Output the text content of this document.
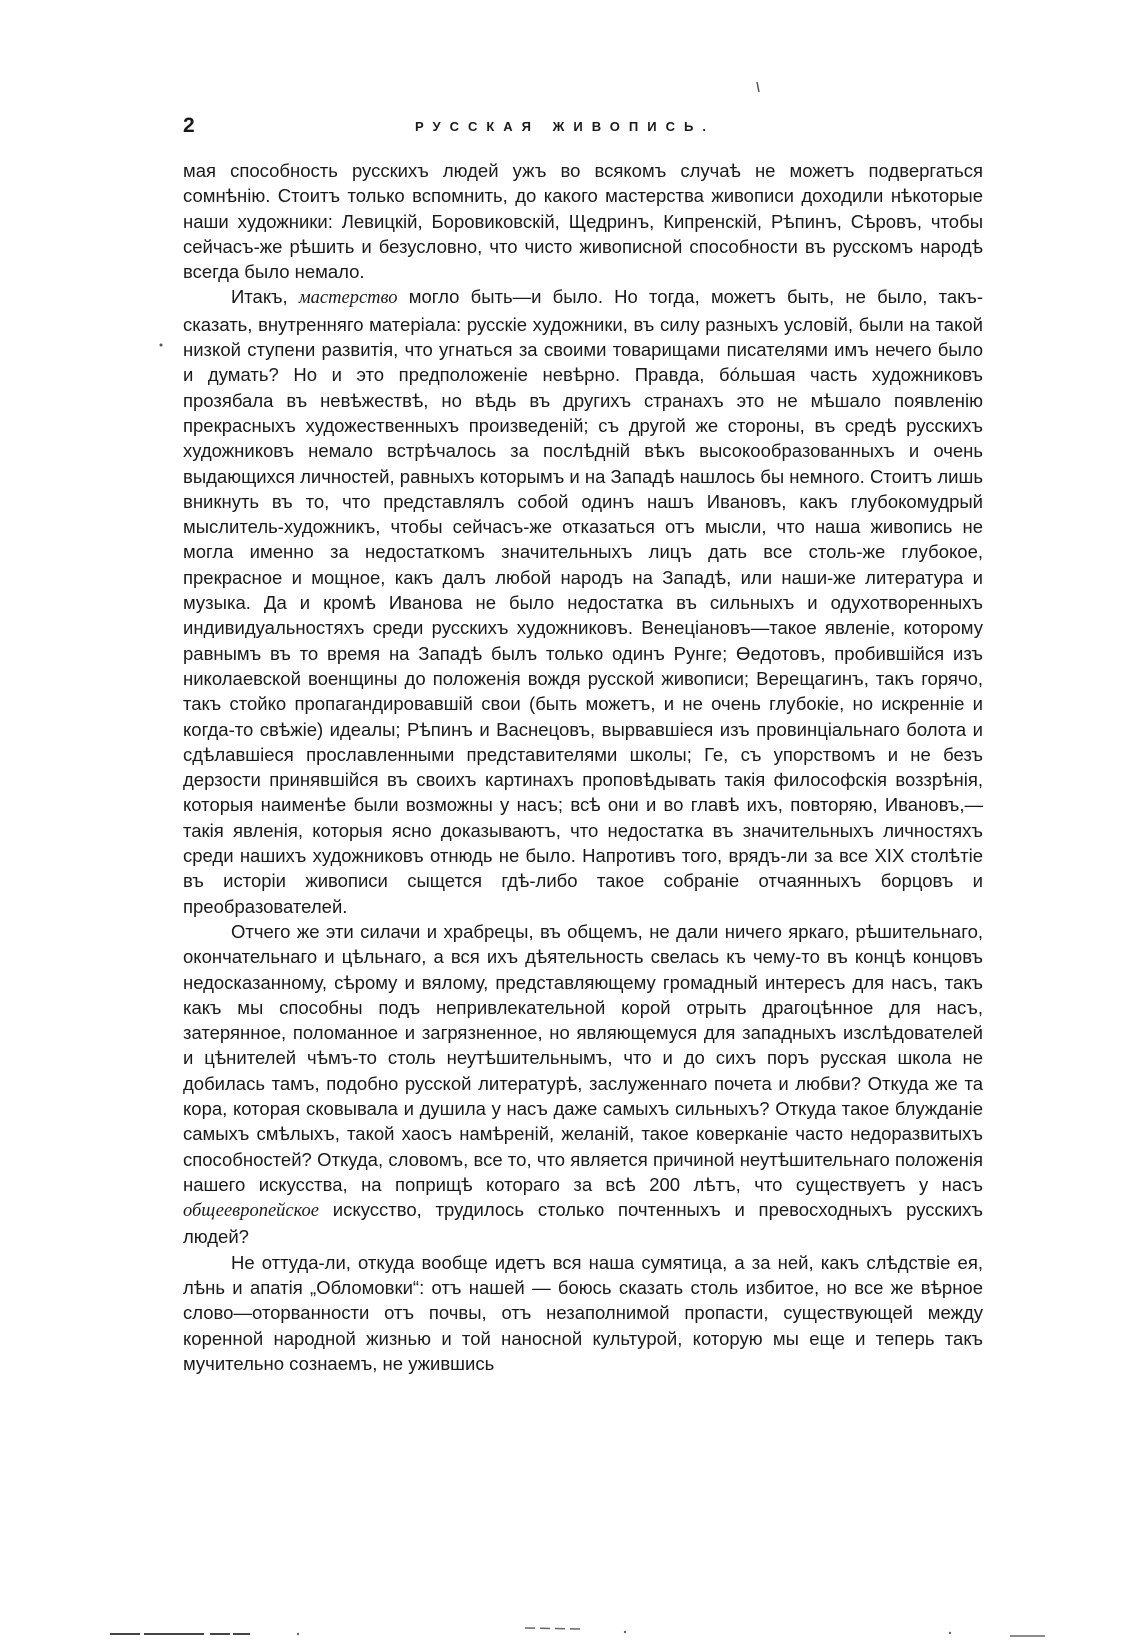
2	РУССКАЯ ЖИВОПИСЬ.

мая способность русскихъ людей ужъ во всякомъ случаѣ не можетъ подвергаться сомнѣнію. Стоитъ только вспомнить, до какого мастерства живописи доходили нѣкоторые наши художники: Левицкій, Боровиковскій, Щедринъ, Кипренскій, Рѣпинъ, Сѣровъ, чтобы сейчасъ-же рѣшить и безусловно, что чисто живописной способности въ русскомъ народѣ всегда было немало.

Итакъ, мастерство могло быть—и было. Но тогда, можетъ быть, не было, такъ-сказать, внутренняго матеріала: русскіе художники, въ силу разныхъ условій, были на такой низкой ступени развитія, что угнаться за своими товарищами писателями имъ нечего было и думать? Но и это предположеніе невѣрно. Правда, бо́льшая часть художниковъ прозябала въ невѣжествѣ, но вѣдь въ другихъ странахъ это не мѣшало появленію прекрасныхъ художественныхъ произведеній; съ другой же стороны, въ средѣ русскихъ художниковъ немало встрѣчалось за послѣдній вѣкъ высокообразованныхъ и очень выдающихся личностей, равныхъ которымъ и на Западѣ нашлось бы немного. Стоитъ лишь вникнуть въ то, что представлялъ собой одинъ нашъ Ивановъ, какъ глубокомудрый мыслитель-художникъ, чтобы сейчасъ-же отказаться отъ мысли, что наша живопись не могла именно за недостаткомъ значительныхъ лицъ дать все столь-же глубокое, прекрасное и мощное, какъ далъ любой народъ на Западѣ, или наши-же литература и музыка. Да и кромѣ Иванова не было недостатка въ сильныхъ и одухотворенныхъ индивидуальностяхъ среди русскихъ художниковъ. Венеціановъ—такое явленіе, которому равнымъ въ то время на Западѣ былъ только одинъ Рунге; Өедотовъ, пробившійся изъ николаевской военщины до положенія вождя русской живописи; Верещагинъ, такъ горячо, такъ стойко пропагандировавшій свои (быть можетъ, и не очень глубокіе, но искренніе и когда-то свѣжіе) идеалы; Рѣпинъ и Васнецовъ, вырвавшіеся изъ провинціальнаго болота и сдѣлавшіеся прославленными представителями школы; Ге, съ упорствомъ и не безъ дерзости принявшійся въ своихъ картинахъ проповѣдывать такія философскія воззрѣнія, которыя наименѣе были возможны у насъ; всѣ они и во главѣ ихъ, повторяю, Ивановъ,—такія явленія, которыя ясно доказываютъ, что недостатка въ значительныхъ личностяхъ среди нашихъ художниковъ отнюдь не было. Напротивъ того, врядъ-ли за все XIX столѣтіе въ исторіи живописи сыщется гдѣ-либо такое собраніе отчаянныхъ борцовъ и преобразователей.

Отчего же эти силачи и храбрецы, въ общемъ, не дали ничего яркаго, рѣшительнаго, окончательнаго и цѣльнаго, а вся ихъ дѣятельность свелась къ чему-то въ концѣ концовъ недосказанному, сѣрому и вялому, представляющему громадный интересъ для насъ, такъ какъ мы способны подъ непривлекательной корой отрыть драгоцѣнное для насъ, затерянное, поломанное и загрязненное, но являющемуся для западныхъ изслѣдователей и цѣнителей чѣмъ-то столь неутѣшительнымъ, что и до сихъ поръ русская школа не добилась тамъ, подобно русской литературѣ, заслуженнаго почета и любви? Откуда же та кора, которая сковывала и душила у насъ даже самыхъ сильныхъ? Откуда такое блужданіе самыхъ смѣлыхъ, такой хаосъ намѣреній, желаній, такое коверканіе часто недоразвитыхъ способностей? Откуда, словомъ, все то, что является причиной неутѣшительнаго положенія нашего искусства, на поприщѣ котораго за всѣ 200 лѣтъ, что существуетъ у насъ общеевропейское искусство, трудилось столько почтенныхъ и превосходныхъ русскихъ людей?

Не оттуда-ли, откуда вообще идетъ вся наша сумятица, а за ней, какъ слѣдствіе ея, лѣнь и апатія „Обломовки“: отъ нашей — боюсь сказать столь избитое, но все же вѣрное слово—оторванности отъ почвы, отъ незаполнимой пропасти, существующей между коренной народной жизнью и той наносной культурой, которую мы еще и теперь такъ мучительно сознаемъ, не ужившись
